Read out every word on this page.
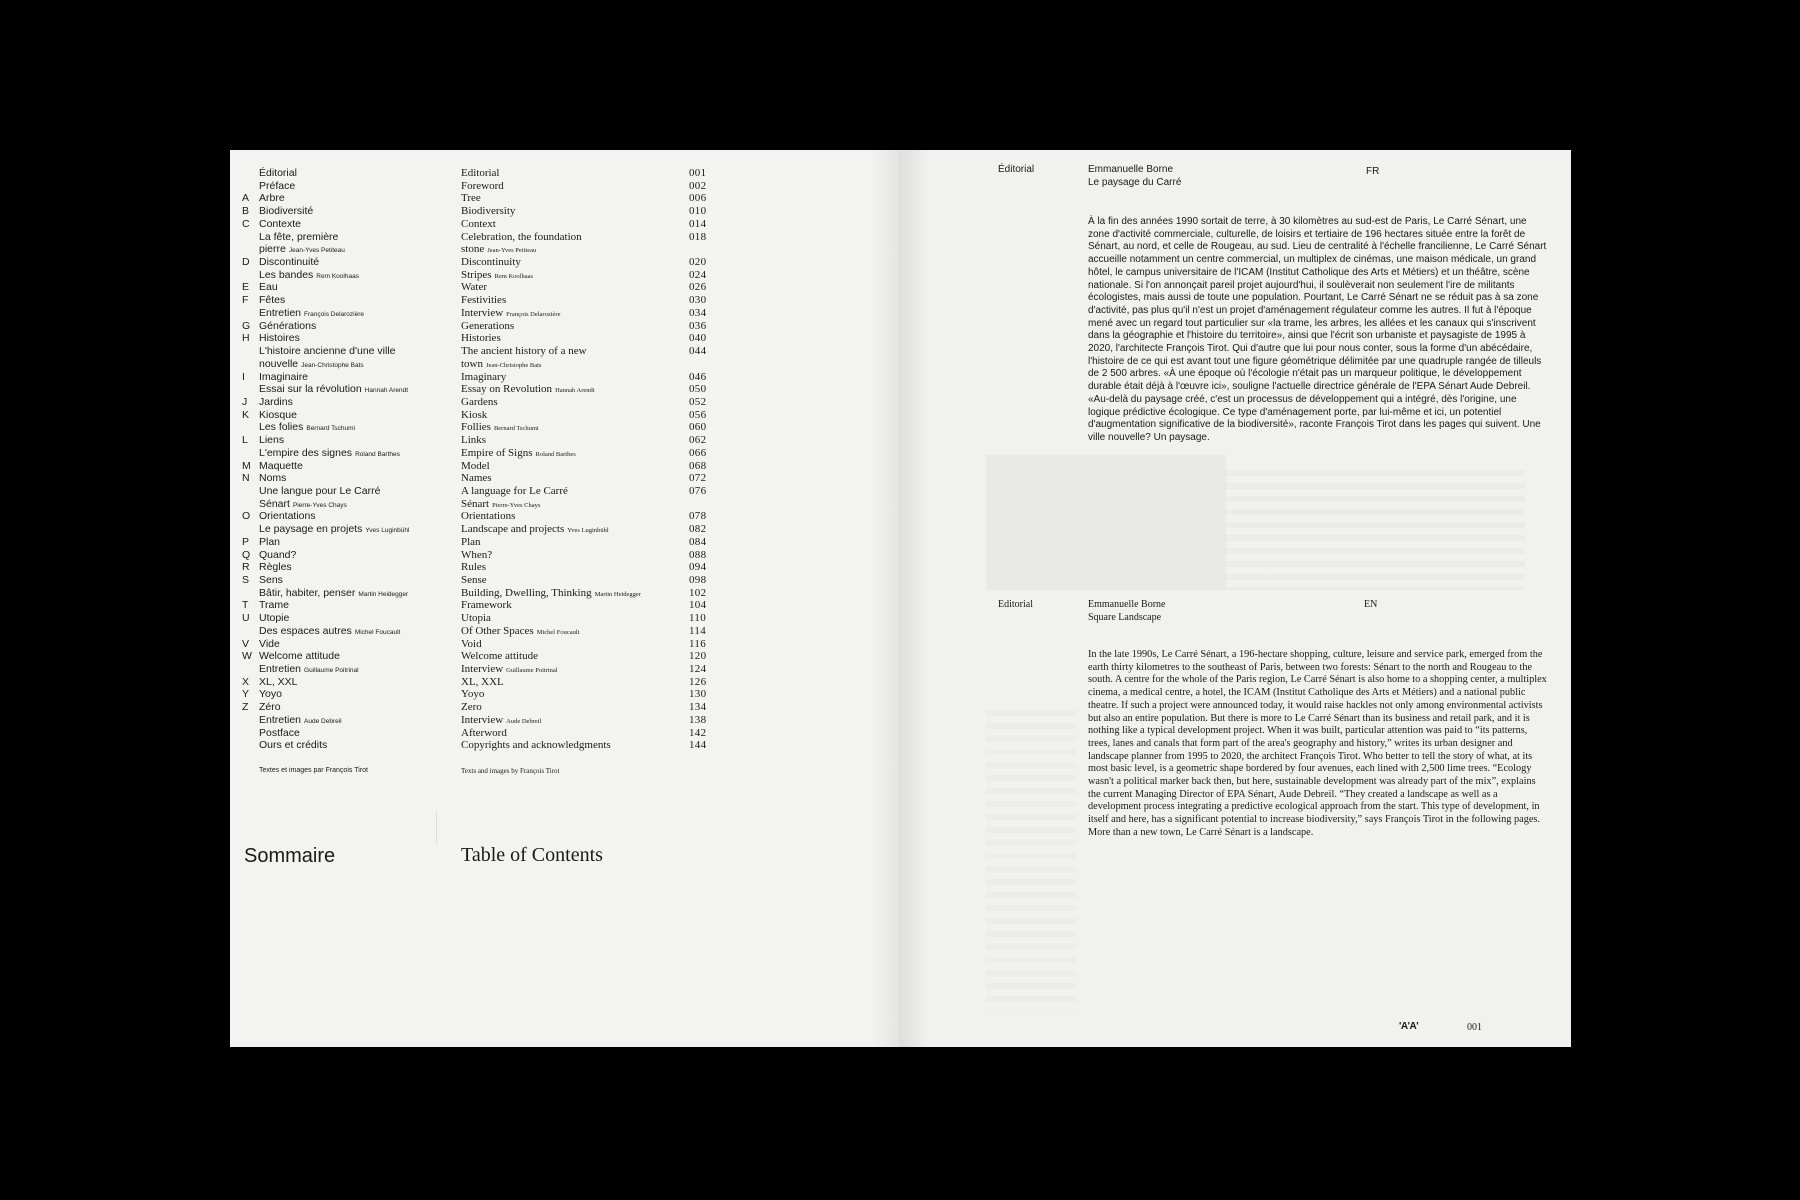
Éditorial	Editorial	001
Préface	Foreword	002
A Arbre	Tree	006
B Biodiversité	Biodiversity	010
C Contexte	Context	014
La fête, première	Celebration, the foundation	018
pierre Jean-Yves Petiteau	stone Jean-Yves Petiteau
D Discontinuité	Discontinuity	020
Les bandes Rem Koolhaas	Stripes Rem Koolhaas	024
E Eau	Water	026
F	Fêtes	Festivities	030
Entretien François Delarozière	Interview François Delarozière	034
G Générations	Generations	036
H Histoires	Histories	040
L'histoire ancienne d'une ville	The ancient history of a new	044
nouvelle Jean-Christophe Bats	town Jean-Christophe Bats
I	Imaginaire	Imaginary	046
Essai sur la révolution Hannah Arendt	Essay on Revolution Hannah Arendt	050
J	Jardins	Gardens	052
K Kiosque	Kiosk	056
Les folies Bernard Tschumi	Follies Bernard Tschumi	060
L	Liens	Links	062
L'empire des signes Roland Barthes	Empire of Signs Roland Barthes	066
M Maquette	Model	068
N Noms	Names	072
Une langue pour Le Carré	A language for Le Carré	076
Sénart Pierre-Yves Chays	Sénart Pierre-Yves Chays
O Orientations	Orientations	078
Le paysage en projets Yves Luginbühl	Landscape and projects Yves Luginbühl	082
P Plan	Plan	084
Q Quand?	When?	088
R Règles	Rules	094
S Sens	Sense	098
Bâtir, habiter, penser Martin Heidegger	Building, Dwelling, Thinking Martin Heidegger	102
T	Trame	Framework	104
U Utopie	Utopia	110
Des espaces autres Michel Foucault	Of Other Spaces Michel Foucault	114
V Vide	Void	116
W Welcome attitude	Welcome attitude	120
Entretien Guillaume Poitrinal	Interview Guillaume Poitrinal	124
X XL, XXL	XL, XXL	126
Y Yoyo	Yoyo	130
Z	Zéro	Zero	134
Entretien Aude Debreil	Interview Aude Debreil	138
Postface	Afterword	142
Ours et crédits	Copyrights and acknowledgments	144
Textes et images par François Tirot	Texts and images by François Tirot
Sommaire	Table of Contents
Éditorial	Emmanuelle Borne
Le paysage du Carré
FR

À la fin des années 1990 sortait de terre, à 30 kilomètres au sud-est de Paris, Le Carré Sénart, une zone d'activité commerciale, culturelle, de loisirs et tertiaire de 196 hectares située entre la forêt de Sénart, au nord, et celle de Rougeau, au sud. Lieu de centralité à l'échelle francilienne, Le Carré Sénart accueille notamment un centre commercial, un multiplex de cinémas, une maison médicale, un grand hôtel, le campus universitaire de l'ICAM (Institut Catholique des Arts et Métiers) et un théâtre, scène nationale. Si l'on annonçait pareil projet aujourd'hui, il soulèverait non seulement l'ire de militants écologistes, mais aussi de toute une population. Pourtant, Le Carré Sénart ne se réduit pas à sa zone d'activité, pas plus qu'il n'est un projet d'aménagement régulateur comme les autres. Il fut à l'époque mené avec un regard tout particulier sur «la trame, les arbres, les allées et les canaux qui s'inscrivent dans la géographie et l'histoire du territoire», ainsi que l'écrit son urbaniste et paysagiste de 1995 à 2020, l'architecte François Tirot. Qui d'autre que lui pour nous conter, sous la forme d'un abécédaire, l'histoire de ce qui est avant tout une figure géométrique délimitée par une quadruple rangée de tilleuls de 2 500 arbres. «À une époque où l'écologie n'était pas un marqueur politique, le développement durable était déjà à l'œuvre ici», souligne l'actuelle directrice générale de l'EPA Sénart Aude Debreil. «Au-delà du paysage créé, c'est un processus de développement qui a intégré, dès l'origine, une logique prédictive écologique. Ce type d'aménagement porte, par lui-même et ici, un potentiel d'augmentation significative de la biodiversité», raconte François Tirot dans les pages qui suivent. Une ville nouvelle? Un paysage.

Editorial	Emmanuelle Borne
Square Landscape
EN

In the late 1990s, Le Carré Sénart, a 196-hectare shopping, culture, leisure and service park, emerged from the earth thirty kilometres to the southeast of Paris, between two forests: Sénart to the north and Rougeau to the south. A centre for the whole of the Paris region, Le Carré Sénart is also home to a shopping center, a multiplex cinema, a medical centre, a hotel, the ICAM (Institut Catholique des Arts et Métiers) and a national public theatre. If such a project were announced today, it would raise hackles not only among environmental activists but also an entire population. But there is more to Le Carré Sénart than its business and retail park, and it is nothing like a typical development project. When it was built, particular attention was paid to “its patterns, trees, lanes and canals that form part of the area's geography and history,” writes its urban designer and landscape planner from 1995 to 2020, the architect François Tirot. Who better to tell the story of what, at its most basic level, is a geometric shape bordered by four avenues, each lined with 2,500 lime trees. “Ecology wasn't a political marker back then, but here, sustainable development was already part of the mix”, explains the current Managing Director of EPA Sénart, Aude Debreil. “They created a landscape as well as a development process integrating a predictive ecological approach from the start. This type of development, in itself and here, has a significant potential to increase biodiversity,” says François Tirot in the following pages. More than a new town, Le Carré Sénart is a landscape.

'A'A'	001
